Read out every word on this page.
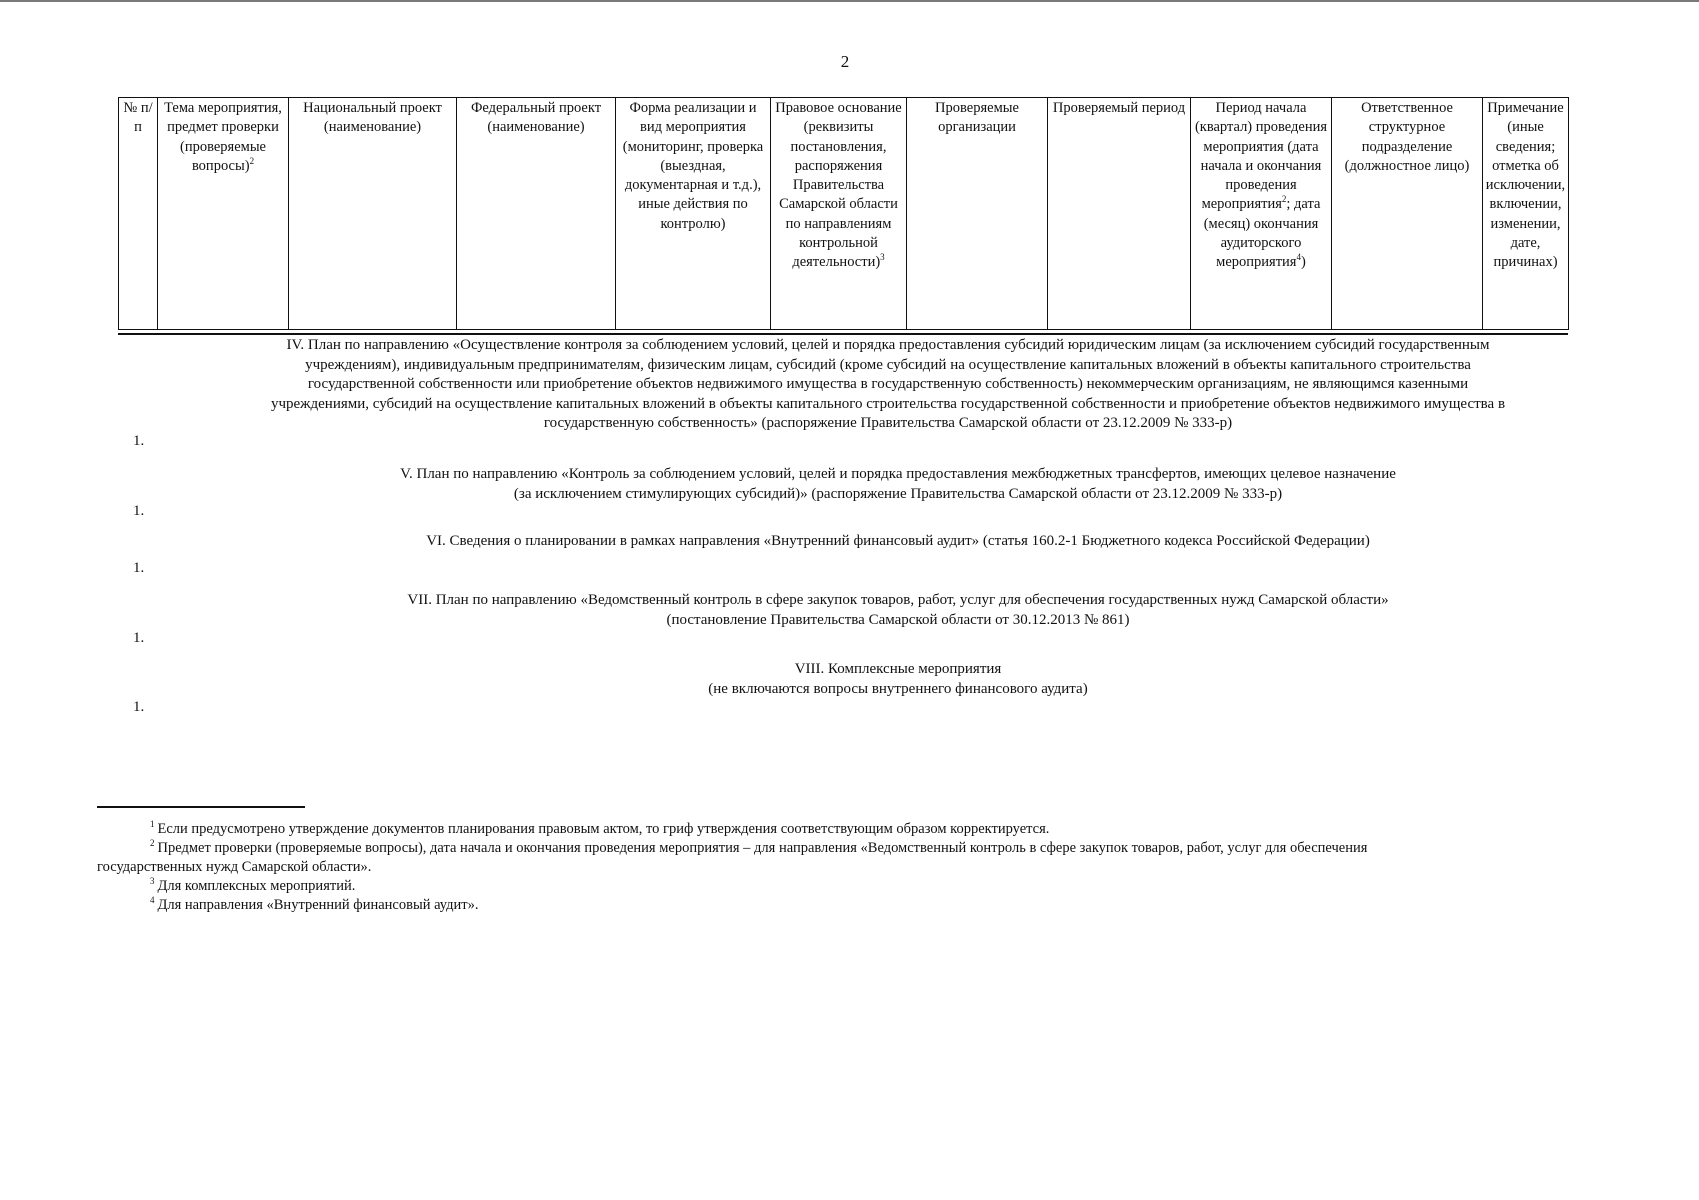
2
№ п/п	Тема мероприятия, предмет проверки (проверяемые вопросы)$^2$	Национальный проект (наименование)	Федеральный проект (наименование)	Форма реализации и вид мероприятия (мониторинг, проверка (выездная, документарная и т.д.), иные действия по контролю)	Правовое основание (реквизиты постановления, распоряжения Правительства Самарской области по направлениям контрольной деятельности)$^3$	Проверяемые организации	Проверяемый период	Период начала (квартал) проведения мероприятия (дата начала и окончания проведения мероприятия$^2$; дата (месяц) окончания аудиторского мероприятия$^4$)	Ответственное структурное подразделение (должностное лицо)	Примечание (иные сведения; отметка об исключении, включении, изменении, дате, причинах)
IV. План по направлению «Осуществление контроля за соблюдением условий, целей и порядка предоставления субсидий юридическим лицам (за исключением субсидий государственным
учреждениям), индивидуальным предпринимателям, физическим лицам, субсидий (кроме субсидий на осуществление капитальных вложений в объекты капитального строительства
государственной собственности или приобретение объектов недвижимого имущества в государственную собственность) некоммерческим организациям, не являющимся казенными
учреждениями, субсидий на осуществление капитальных вложений в объекты капитального строительства государственной собственности и приобретение объектов недвижимого имущества в
государственную собственность» (распоряжение Правительства Самарской области от 23.12.2009 № 333-р)
1.
V. План по направлению «Контроль за соблюдением условий, целей и порядка предоставления межбюджетных трансфертов, имеющих целевое назначение
(за исключением стимулирующих субсидий)» (распоряжение Правительства Самарской области от 23.12.2009 № 333-р)
1.
VI. Сведения о планировании в рамках направления «Внутренний финансовый аудит» (статья 160.2-1 Бюджетного кодекса Российской Федерации)
1.
VII. План по направлению «Ведомственный контроль в сфере закупок товаров, работ, услуг для обеспечения государственных нужд Самарской области»
(постановление Правительства Самарской области от 30.12.2013 № 861)
1.
VIII. Комплексные мероприятия
(не включаются вопросы внутреннего финансового аудита)
1.
$^1$ Если предусмотрено утверждение документов планирования правовым актом, то гриф утверждения соответствующим образом корректируется.
$^2$ Предмет проверки (проверяемые вопросы), дата начала и окончания проведения мероприятия – для направления «Ведомственный контроль в сфере закупок товаров, работ, услуг для обеспечения
государственных нужд Самарской области».
$^3$ Для комплексных мероприятий.
$^4$ Для направления «Внутренний финансовый аудит».
